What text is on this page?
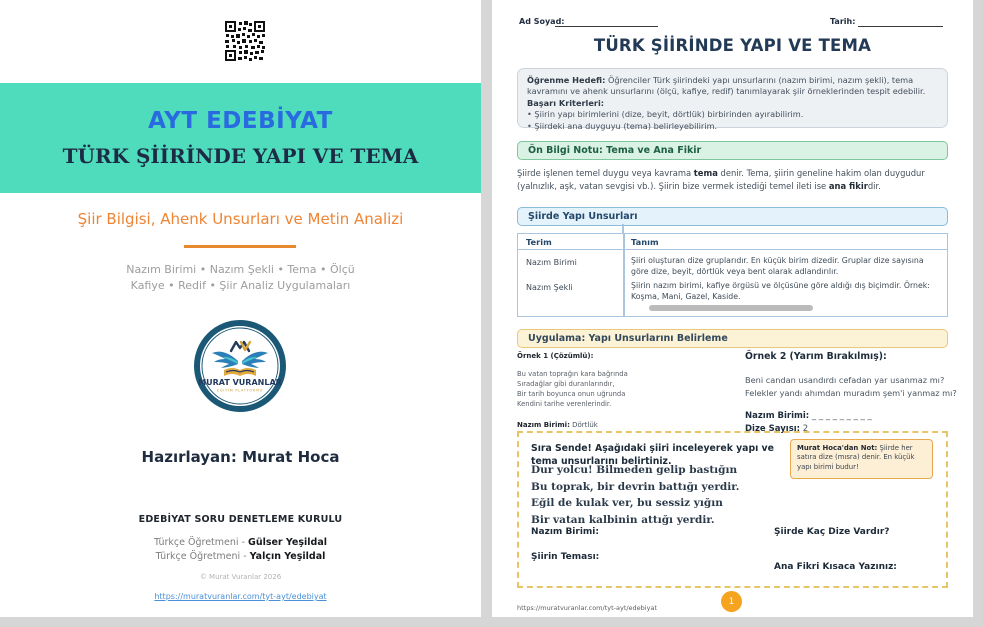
AYT EDEBİYAT
TÜRK ŞİİRİNDE YAPI VE TEMA
Şiir Bilgisi, Ahenk Unsurları ve Metin Analizi
Nazım Birimi • Nazım Şekli • Tema • Ölçü
Kafiye • Redif • Şiir Analiz Uygulamaları
MURAT VURANLAR
EĞİTİM PLATFORMU
Hazırlayan: Murat Hoca
EDEBİYAT SORU DENETLEME KURULU
Türkçe Öğretmeni - Gülser Yeşildal
Türkçe Öğretmeni - Yalçın Yeşildal
© Murat Vuranlar 2026
https://muratvuranlar.com/tyt-ayt/edebiyat
Ad Soyad:	Tarih:
TÜRK ŞİİRİNDE YAPI VE TEMA
Öğrenme Hedefi: Öğrenciler Türk şiirindeki yapı unsurlarını (nazım birimi, nazım şekli), tema kavramını ve ahenk unsurlarını (ölçü, kafiye, redif) tanımlayarak şiir örneklerinden tespit edebilir.
Başarı Kriterleri:
• Şiirin yapı birimlerini (dize, beyit, dörtlük) birbirinden ayırabilirim.
• Şiirdeki ana duyguyu (tema) belirleyebilirim.
Ön Bilgi Notu: Tema ve Ana Fikir
Şiirde işlenen temel duygu veya kavrama tema denir. Tema, şiirin geneline hakim olan duygudur (yalnızlık, aşk, vatan sevgisi vb.). Şiirin bize vermek istediği temel ileti ise ana fikirdir.
Şiirde Yapı Unsurları
Terim	Tanım
Nazım Birimi	Şiiri oluşturan dize gruplarıdır. En küçük birim dizedir. Gruplar dize sayısına göre dize, beyit, dörtlük veya bent olarak adlandırılır.
Nazım Şekli	Şiirin nazım birimi, kafiye örgüsü ve ölçüsüne göre aldığı dış biçimdir. Örnek: Koşma, Mani, Gazel, Kaside.
Uygulama: Yapı Unsurlarını Belirleme
Örnek 1 (Çözümlü):
Bu vatan toprağın kara bağrında
Sıradağlar gibi duranlarındır,
Bir tarih boyunca onun uğrunda
Kendini tarihe verenlerindir.
Nazım Birimi: Dörtlük
Örnek 2 (Yarım Bırakılmış):
Beni candan usandırdı cefadan yar usanmaz mı?
Felekler yandı ahımdan muradım şem'i yanmaz mı?
Nazım Birimi: _ _ _ _ _ _ _ _ _
Dize Sayısı: 2
Sıra Sende! Aşağıdaki şiiri inceleyerek yapı ve tema unsurlarını belirtiniz.
Murat Hoca'dan Not: Şiirde her satıra dize (mısra) denir. En küçük yapı birimi budur!
Dur yolcu! Bilmeden gelip bastığın
Bu toprak, bir devrin battığı yerdir.
Eğil de kulak ver, bu sessiz yığın
Bir vatan kalbinin attığı yerdir.
Nazım Birimi:	Şiirde Kaç Dize Vardır?
Şiirin Teması:
Ana Fikri Kısaca Yazınız:
1
https://muratvuranlar.com/tyt-ayt/edebiyat
